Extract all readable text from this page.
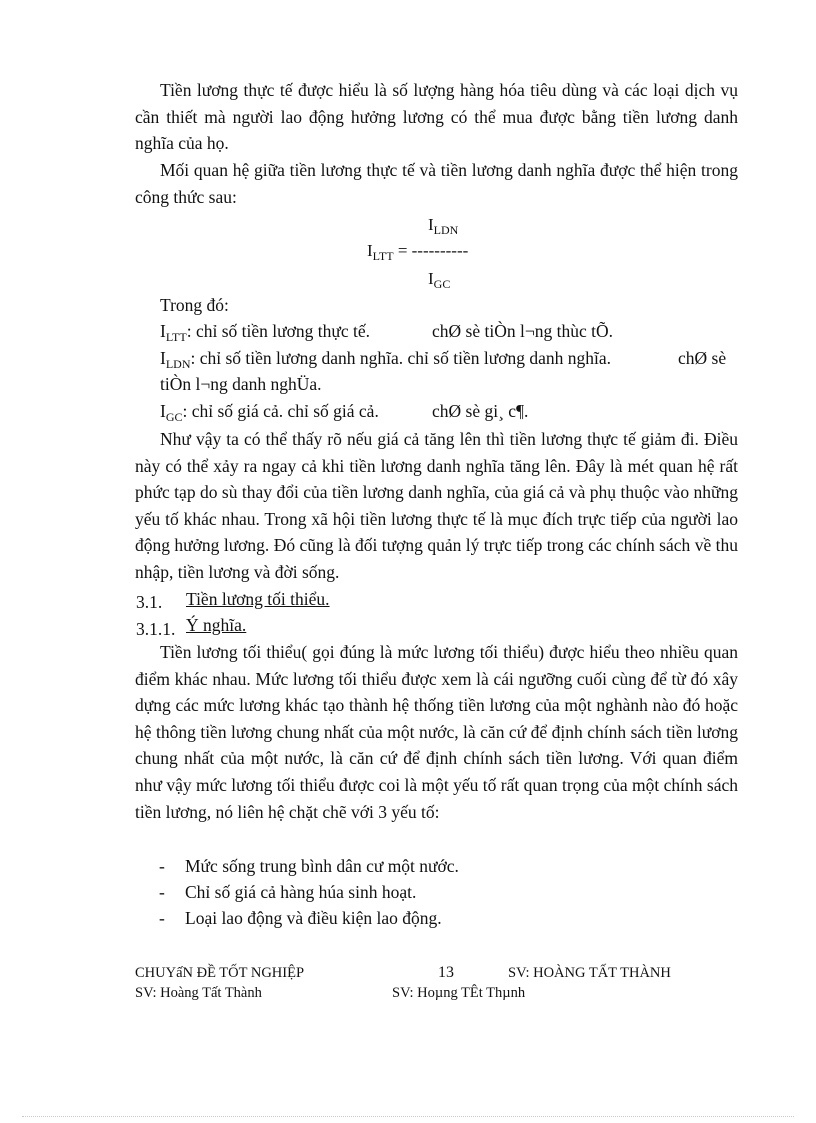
Tiền lương thực tế được hiểu là số lượng hàng hóa tiêu dùng và các loại dịch vụ cần thiết mà người lao động hưởng lương có thể mua được bằng tiền lương danh nghĩa của họ.

Mối quan hệ giữa tiền lương thực tế và tiền lương danh nghĩa được thể hiện trong công thức sau:

$I_{LDN}$
$I_{LTT}$ = ----------
$I_{GC}$
Trong đó:
$I_{LTT}$: chỉ số tiền lương thực tế.	chØ sè tiÒn l¬ng thùc tÕ.
$I_{LDN}$: chỉ số tiền lương danh nghĩa. chỉ số tiền lương danh nghĩa.	chØ sè
tiÒn l¬ng danh nghÜa.
$I_{GC}$: chỉ số giá cả. chỉ số giá cả.	chØ sè gi¸ c¶.

Như vậy ta có thể thấy rõ nếu giá cả tăng lên thì tiền lương thực tế giảm đi. Điều này có thể xảy ra ngay cả khi tiền lương danh nghĩa tăng lên. Đây là mét quan hệ rất phức tạp do sù thay đổi của tiền lương danh nghĩa, của giá cả và phụ thuộc vào những yếu tố khác nhau. Trong xã hội tiền lương thực tế là mục đích trực tiếp của người lao động hưởng lương. Đó cũng là đối tượng quản lý trực tiếp trong các chính sách về thu nhập, tiền lương và đời sống.

3.1. Tiền lương tối thiểu.
3.1.1. Ý nghĩa.

Tiền lương tối thiểu( gọi đúng là mức lương tối thiểu) được hiểu theo nhiều quan điểm khác nhau. Mức lương tối thiểu được xem là cái ngưỡng cuối cùng để từ đó xây dựng các mức lương khác tạo thành hệ thống tiền lương của một nghành nào đó hoặc hệ thông tiền lương chung nhất của một nước, là căn cứ để định chính sách tiền lương chung nhất của một nước, là căn cứ để định chính sách tiền lương. Với quan điểm như vậy mức lương tối thiểu được coi là một yếu tố rất quan trọng của một chính sách tiền lương, nó liên hệ chặt chẽ với 3 yếu tố:

- Mức sống trung bình dân cư một nước.
- Chỉ số giá cả hàng húa sinh hoạt.
- Loại lao động và điều kiện lao động.
CHUYấN ĐỀ TỐT NGHIỆP	13	SV: HOÀNG TẤT THÀNH
SV: Hoàng Tất Thành	SV: Hoµng TÊt Thµnh
